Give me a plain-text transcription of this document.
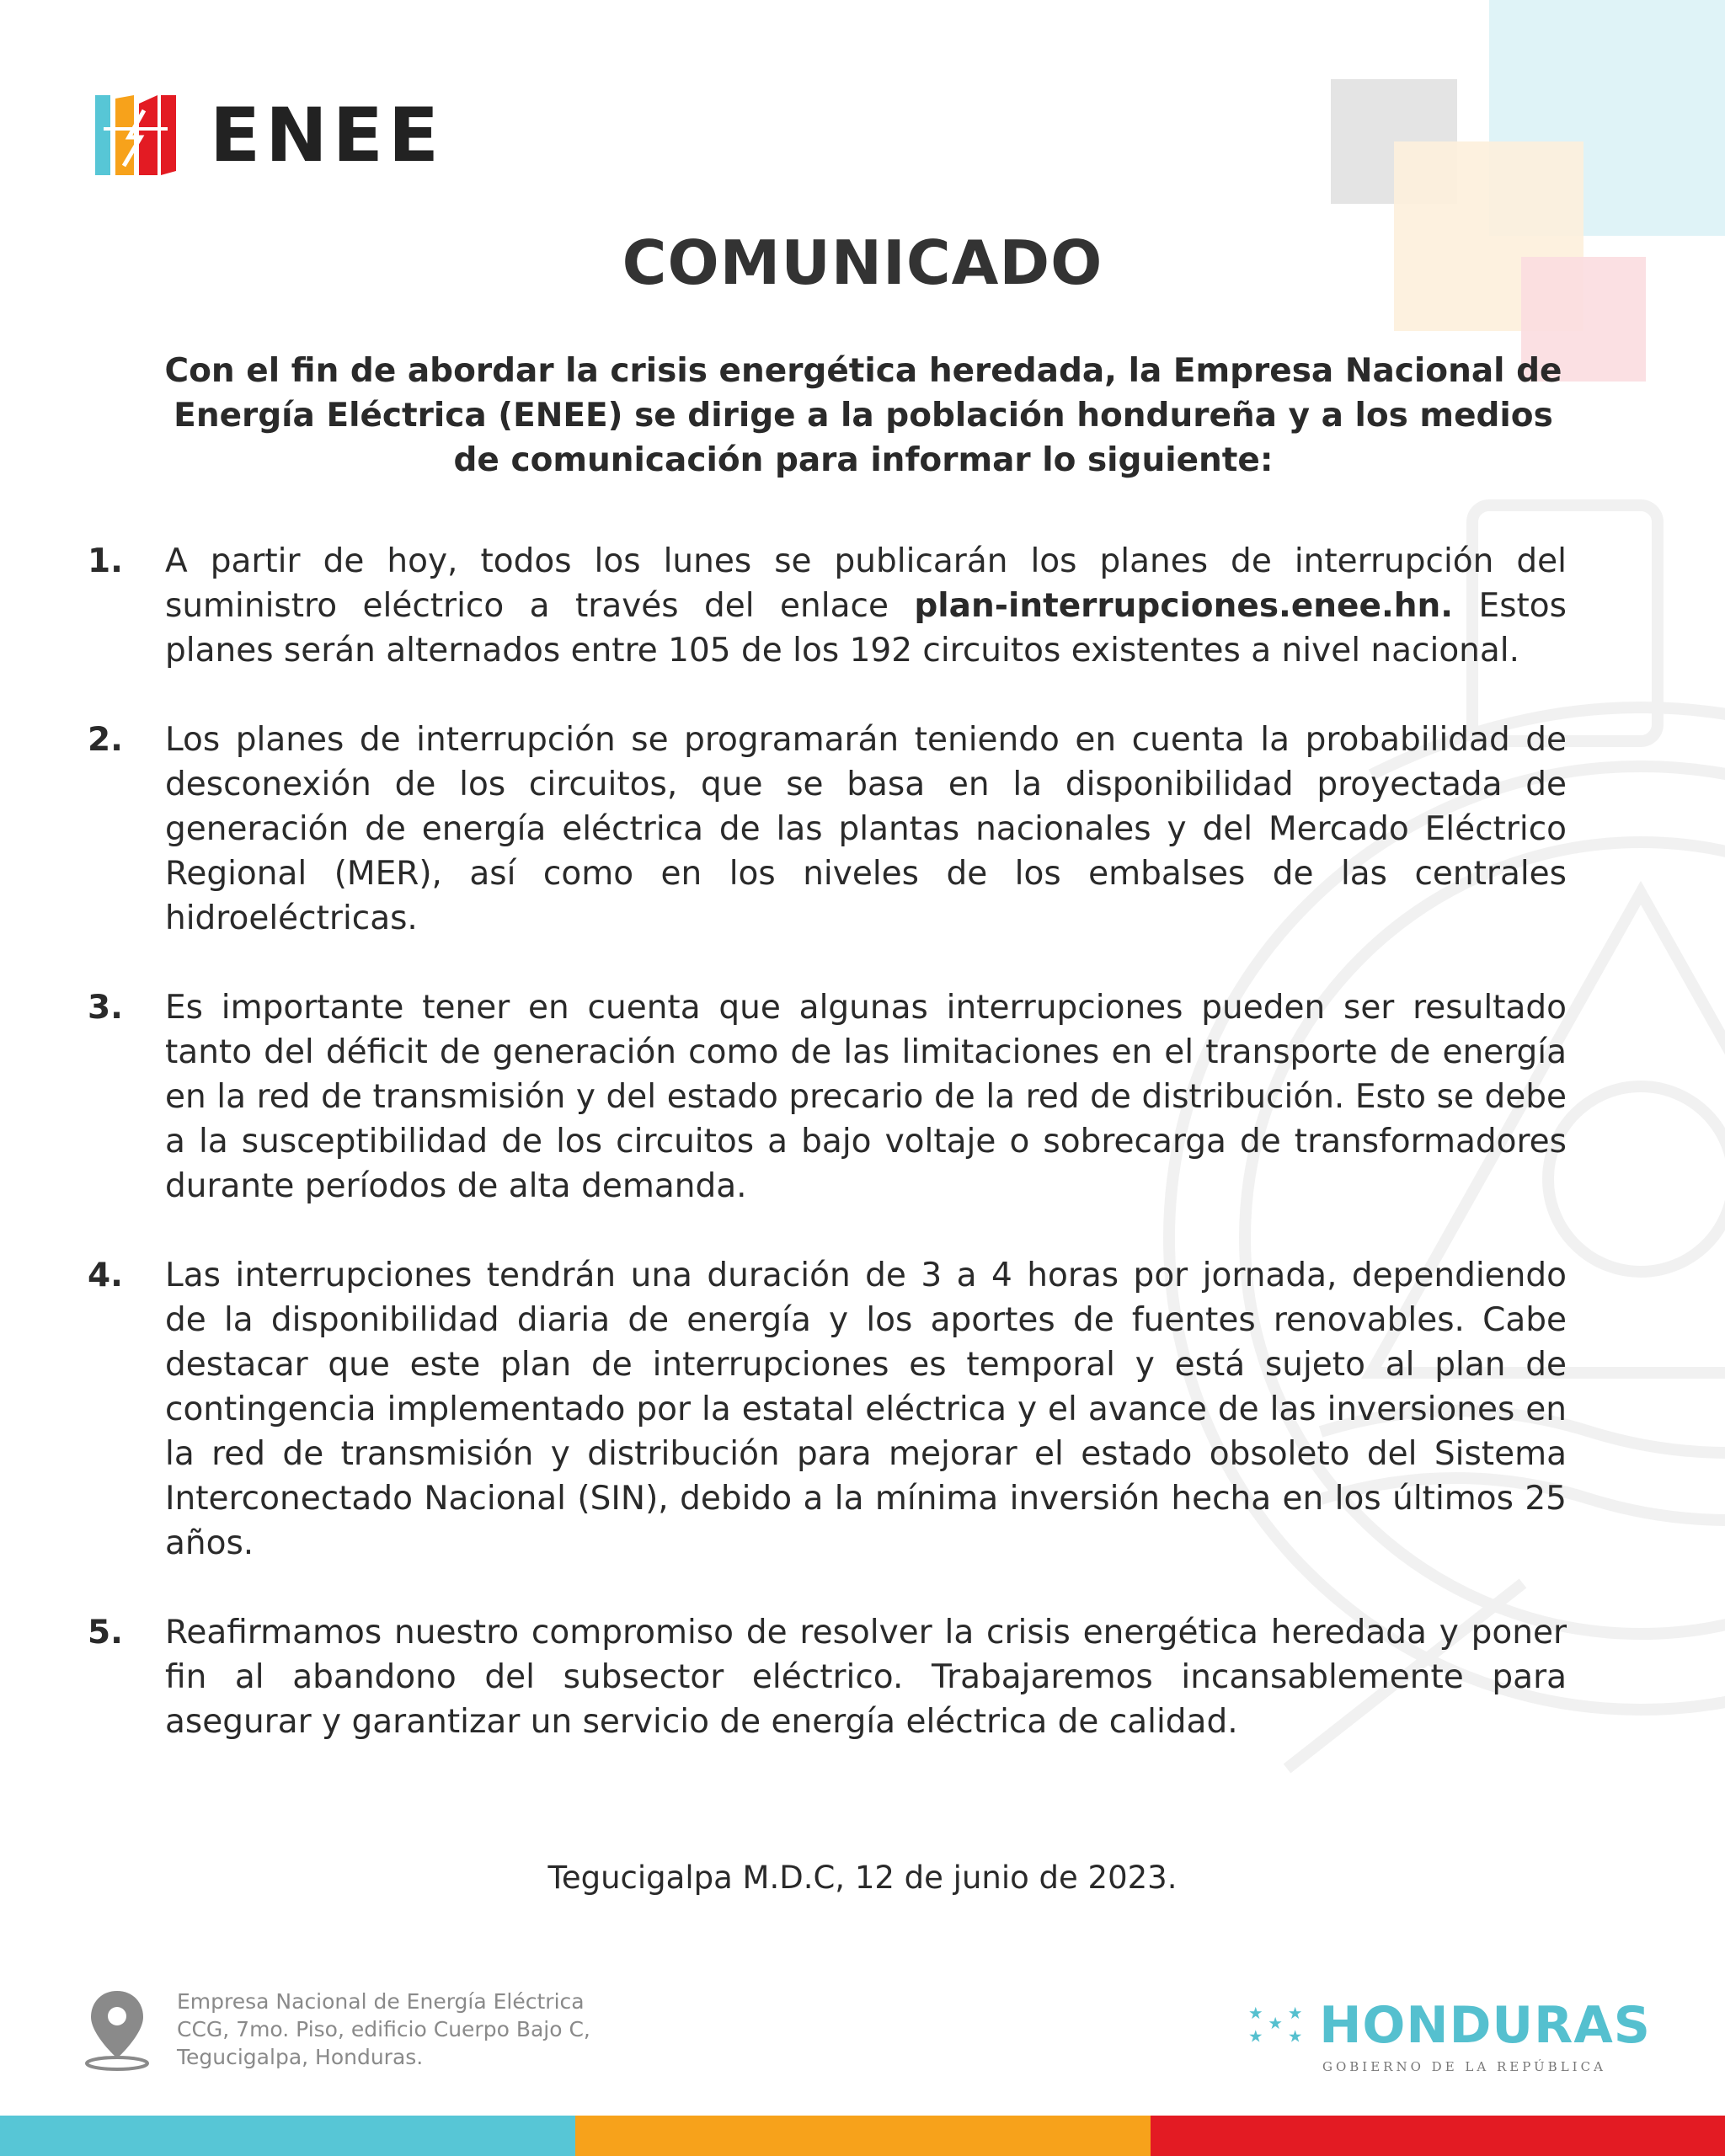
ENEE
COMUNICADO

Con el fin de abordar la crisis energética heredada, la Empresa Nacional de Energía Eléctrica (ENEE) se dirige a la población hondureña y a los medios de comunicación para informar lo siguiente:

1.	A partir de hoy, todos los lunes se publicarán los planes de interrupción del suministro eléctrico a través del enlace plan-interrupciones.enee.hn. Estos planes serán alternados entre 105 de los 192 circuitos existentes a nivel nacional.
2.	Los planes de interrupción se programarán teniendo en cuenta la probabilidad de desconexión de los circuitos, que se basa en la disponibilidad proyectada de generación de energía eléctrica de las plantas nacionales y del Mercado Eléctrico Regional (MER), así como en los niveles de los embalses de las centrales hidroeléctricas.
3.	Es importante tener en cuenta que algunas interrupciones pueden ser resultado tanto del déficit de generación como de las limitaciones en el transporte de energía en la red de transmisión y del estado precario de la red de distribución. Esto se debe a la susceptibilidad de los circuitos a bajo voltaje o sobrecarga de transformadores durante períodos de alta demanda.
4.	Las interrupciones tendrán una duración de 3 a 4 horas por jornada, dependiendo de la disponibilidad diaria de energía y los aportes de fuentes renovables. Cabe destacar que este plan de interrupciones es temporal y está sujeto al plan de contingencia implementado por la estatal eléctrica y el avance de las inversiones en la red de transmisión y distribución para mejorar el estado obsoleto del Sistema Interconectado Nacional (SIN), debido a la mínima inversión hecha en los últimos 25 años.
5.	Reafirmamos nuestro compromiso de resolver la crisis energética heredada y poner fin al abandono del subsector eléctrico. Trabajaremos incansablemente para asegurar y garantizar un servicio de energía eléctrica de calidad.
Tegucigalpa M.D.C, 12 de junio de 2023.
Empresa Nacional de Energía Eléctrica
CCG, 7mo. Piso, edificio Cuerpo Bajo C,
Tegucigalpa, Honduras.
★ ★
★
★ ★ HONDURAS
GOBIERNO DE LA REPÚBLICA
